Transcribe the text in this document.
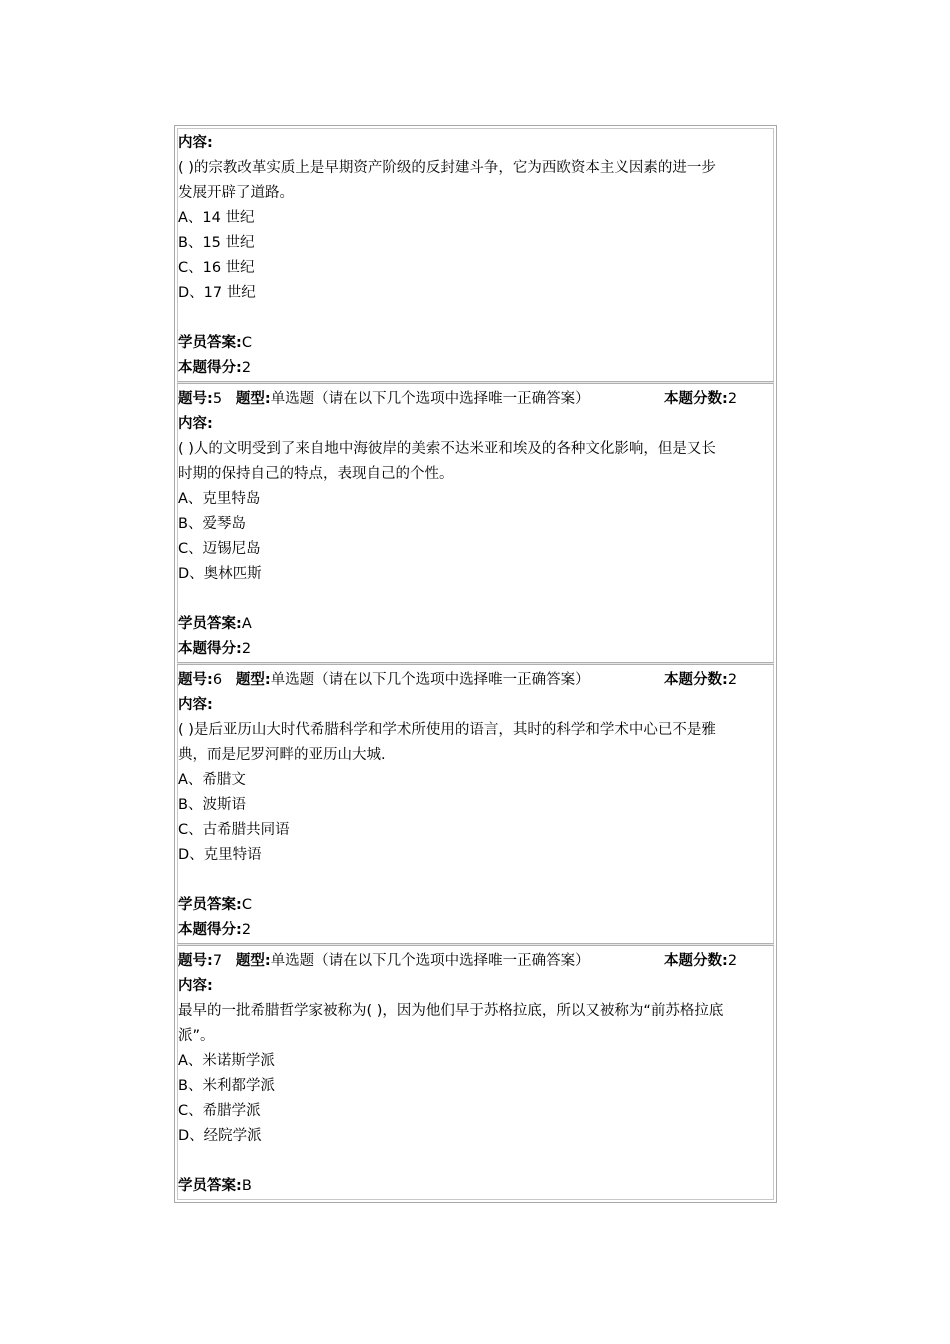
内容:
( )的宗教改革实质上是早期资产阶级的反封建斗争，它为西欧资本主义因素的进一步
发展开辟了道路。
A、14 世纪
B、15 世纪
C、16 世纪
D、17 世纪
学员答案:C
本题得分:2
题号:5 题型:单选题（请在以下几个选项中选择唯一正确答案）	本题分数:2
内容:
( )人的文明受到了来自地中海彼岸的美索不达米亚和埃及的各种文化影响，但是又长
时期的保持自己的特点，表现自己的个性。
A、克里特岛
B、爱琴岛
C、迈锡尼岛
D、奥林匹斯
学员答案:A
本题得分:2
题号:6 题型:单选题（请在以下几个选项中选择唯一正确答案）	本题分数:2
内容:
( )是后亚历山大时代希腊科学和学术所使用的语言，其时的科学和学术中心已不是雅
典，而是尼罗河畔的亚历山大城.
A、希腊文
B、波斯语
C、古希腊共同语
D、克里特语
学员答案:C
本题得分:2
题号:7 题型:单选题（请在以下几个选项中选择唯一正确答案）	本题分数:2
内容:
最早的一批希腊哲学家被称为( )，因为他们早于苏格拉底，所以又被称为“前苏格拉底
派”。
A、米诺斯学派
B、米利都学派
C、希腊学派
D、经院学派
学员答案:B
